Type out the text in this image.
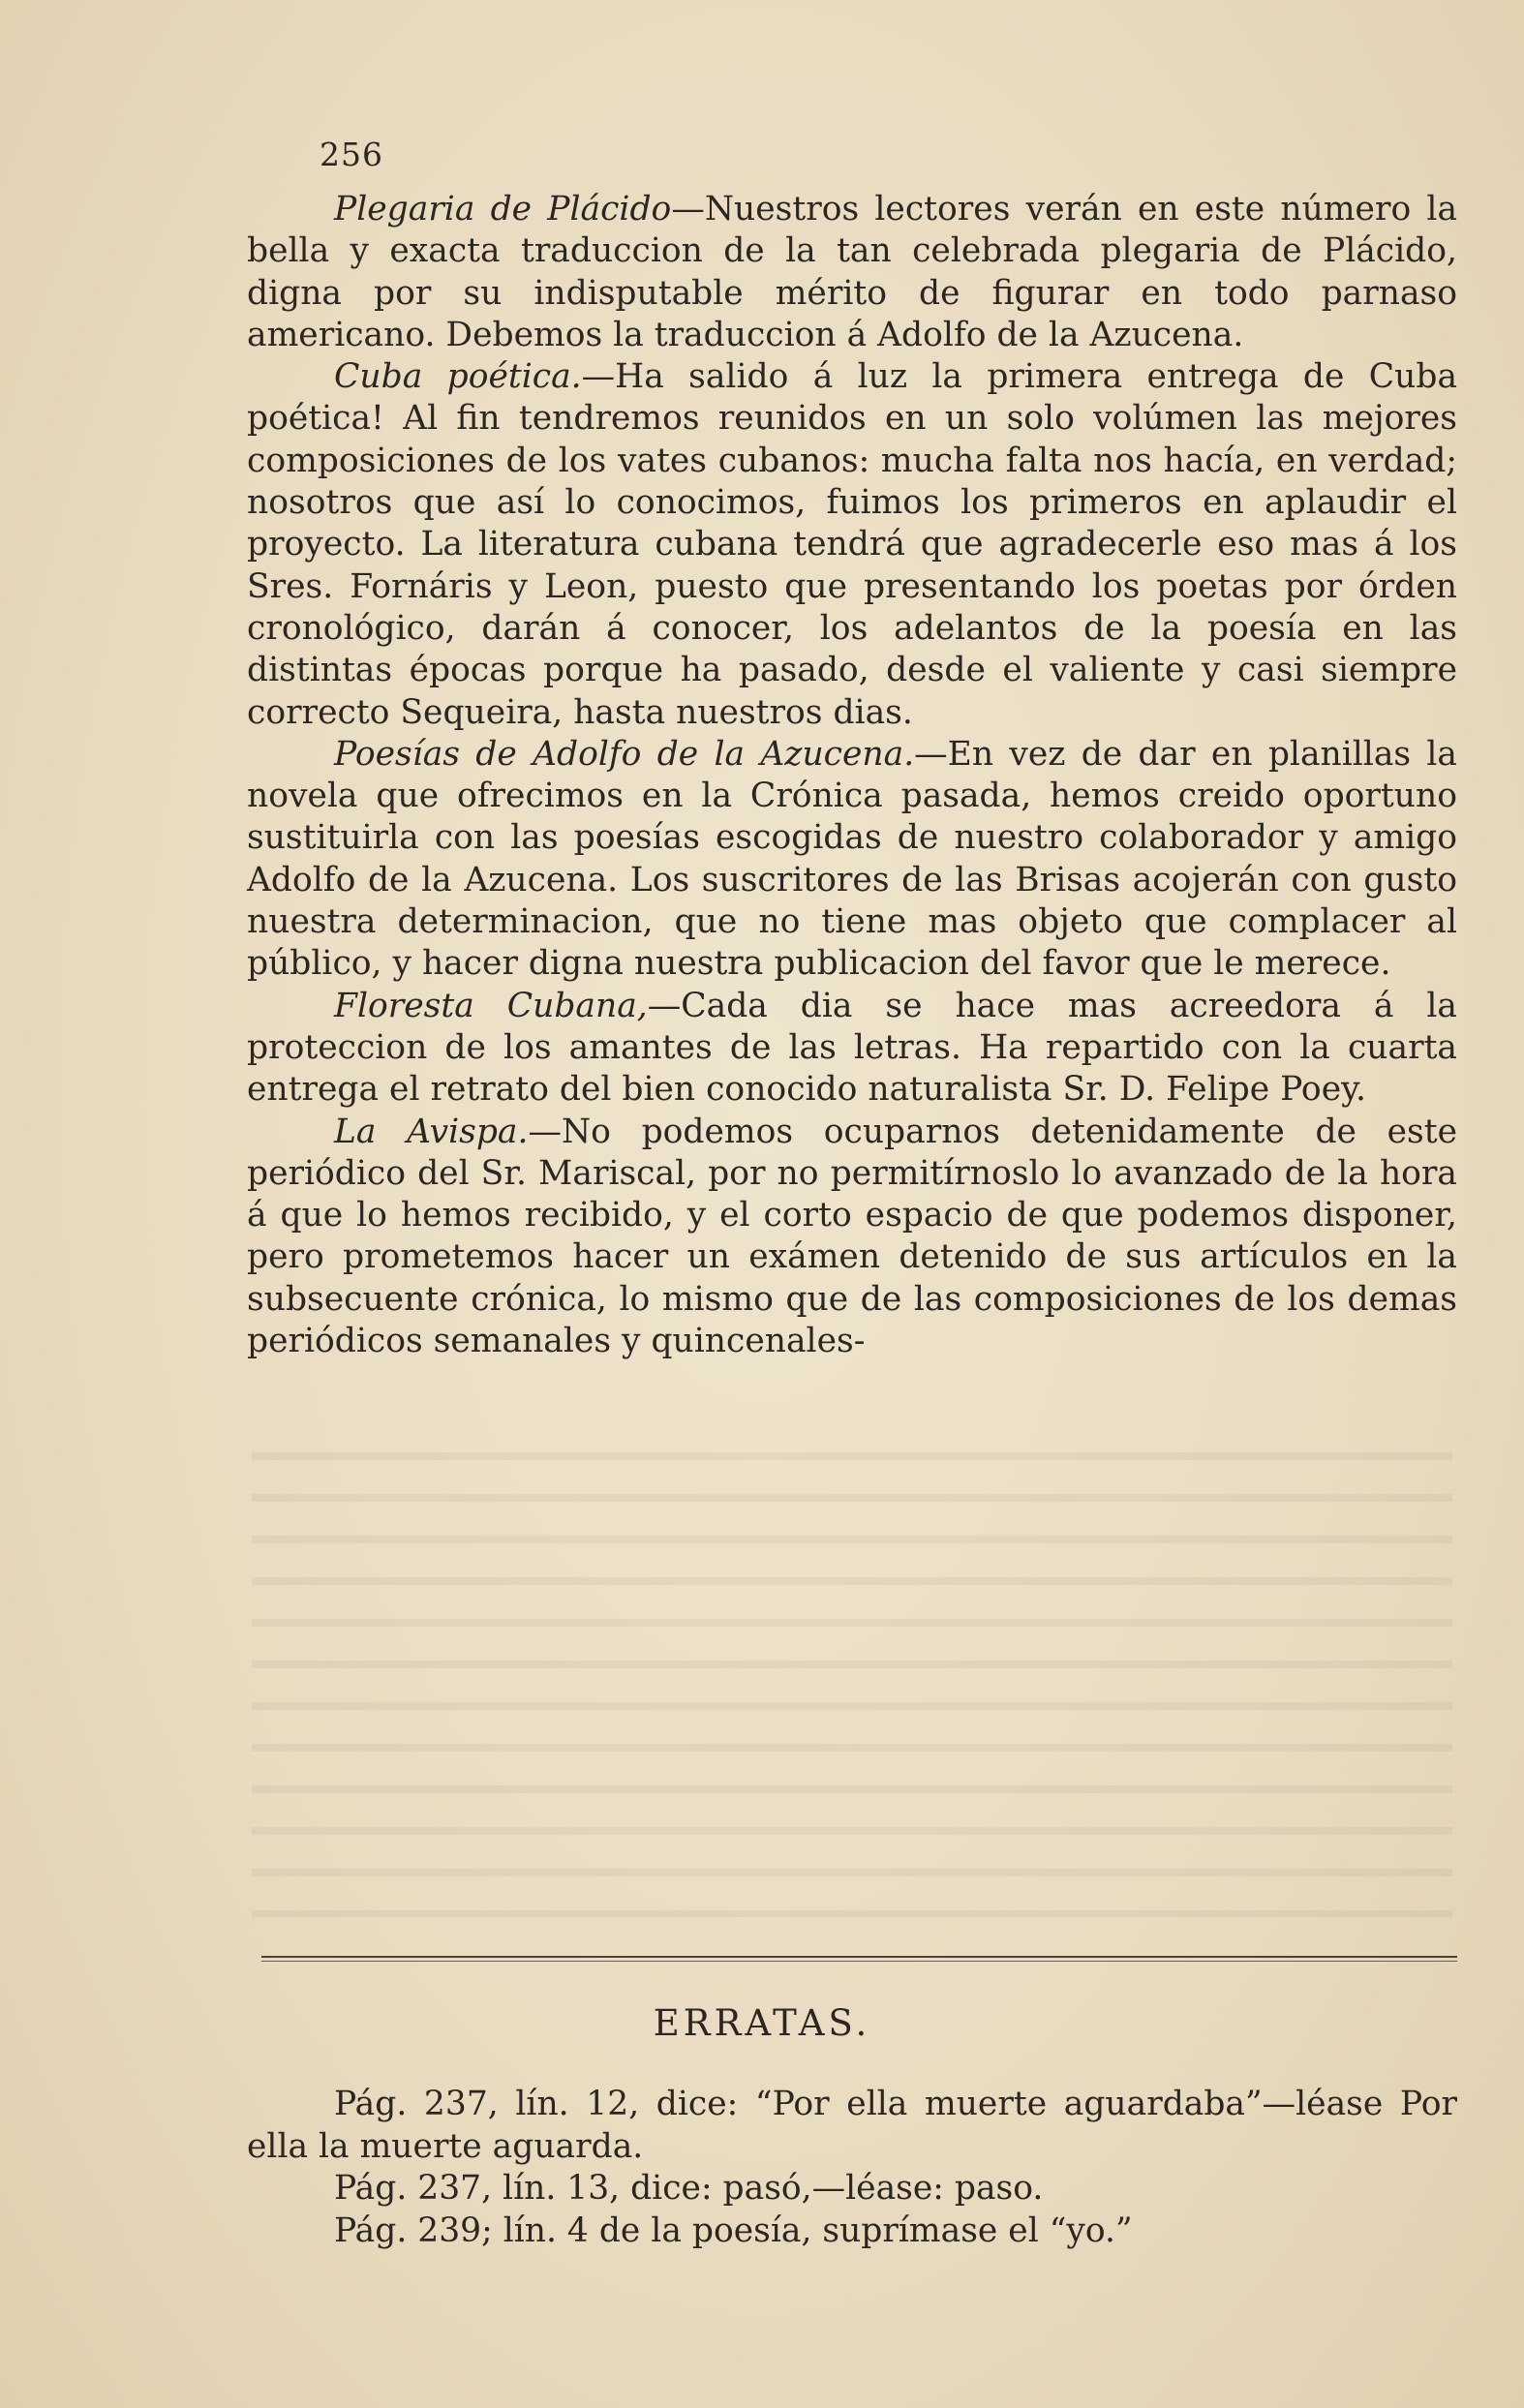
256

Plegaria de Plácido—Nuestros lectores verán en este número la bella y exacta traduccion de la tan celebrada plegaria de Plácido, digna por su indisputable mérito de figurar en todo parnaso americano. Debemos la traduccion á Adolfo de la Azucena.

Cuba poética.—Ha salido á luz la primera entrega de Cuba poética! Al fin tendremos reunidos en un solo volúmen las mejores composiciones de los vates cubanos: mucha falta nos hacía, en verdad; nosotros que así lo conocimos, fuimos los primeros en aplaudir el proyecto. La literatura cubana tendrá que agradecerle eso mas á los Sres. Fornáris y Leon, puesto que presentando los poetas por órden cronológico, darán á conocer, los adelantos de la poesía en las distintas épocas porque ha pasado, desde el valiente y casi siempre correcto Sequeira, hasta nuestros dias.

Poesías de Adolfo de la Azucena.—En vez de dar en planillas la novela que ofrecimos en la Crónica pasada, hemos creido oportuno sustituirla con las poesías escogidas de nuestro colaborador y amigo Adolfo de la Azucena. Los suscritores de las Brisas acojerán con gusto nuestra determinacion, que no tiene mas objeto que complacer al público, y hacer digna nuestra publicacion del favor que le merece.

Floresta Cubana,—Cada dia se hace mas acreedora á la proteccion de los amantes de las letras. Ha repartido con la cuarta entrega el retrato del bien conocido naturalista Sr. D. Felipe Poey.

La Avispa.—No podemos ocuparnos detenidamente de este periódico del Sr. Mariscal, por no permitírnoslo lo avanzado de la hora á que lo hemos recibido, y el corto espacio de que podemos disponer, pero prometemos hacer un exámen detenido de sus artículos en la subsecuente crónica, lo mismo que de las composiciones de los demas periódicos semanales y quincenales-

ERRATAS.

Pág. 237, lín. 12, dice: “Por ella muerte aguardaba”—léase Por ella la muerte aguarda.

Pág. 237, lín. 13, dice: pasó,—léase: paso.

Pág. 239; lín. 4 de la poesía, suprímase el “yo.”
